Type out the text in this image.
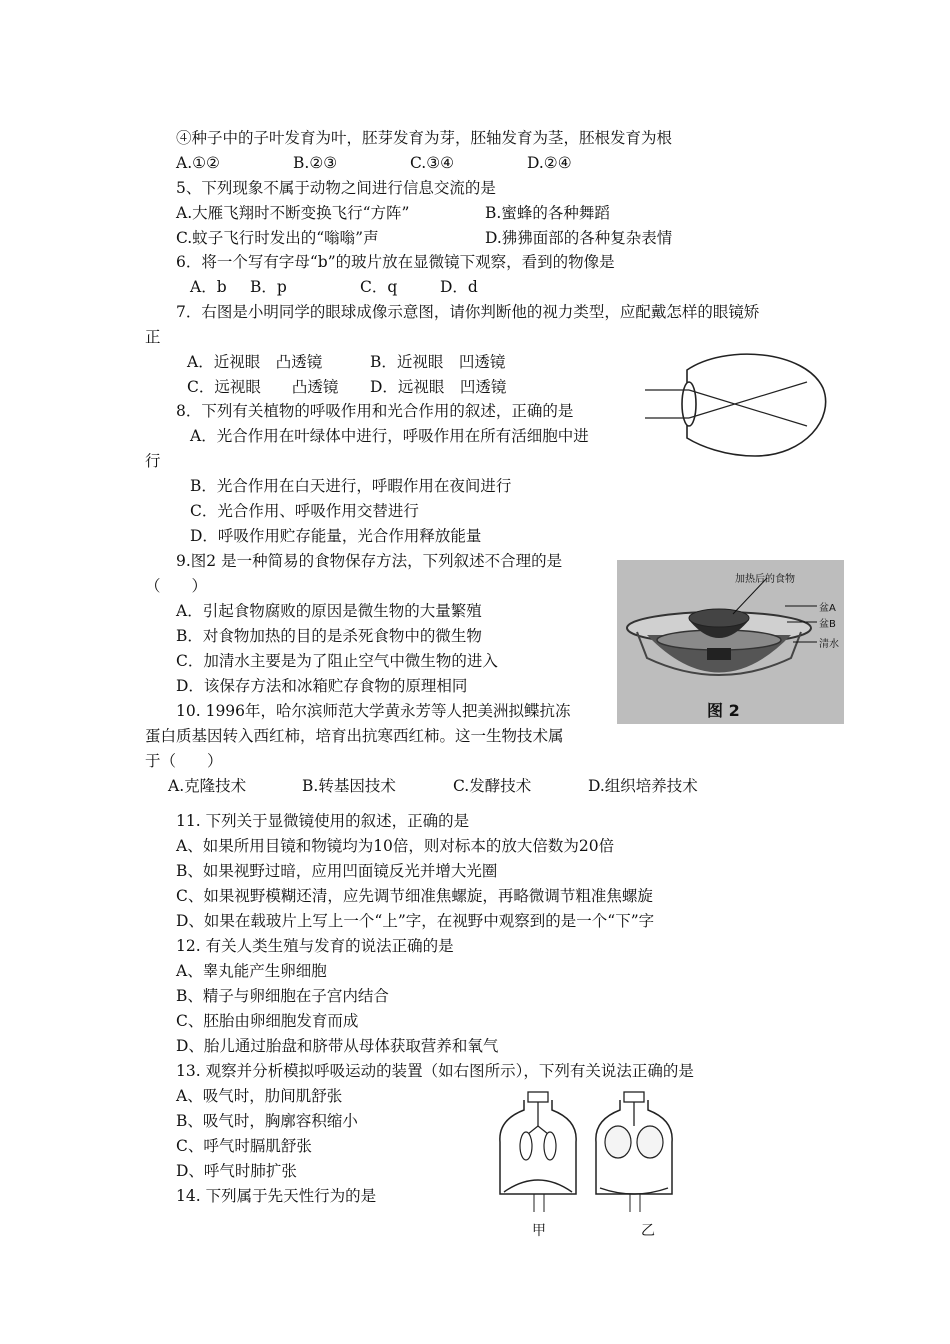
④种子中的子叶发育为叶，胚芽发育为芽，胚轴发育为茎，胚根发育为根
A.①②	B.②③	C.③④	D.②④
5、下列现象不属于动物之间进行信息交流的是
A.大雁飞翔时不断变换飞行“方阵”	B.蜜蜂的各种舞蹈
C.蚊子飞行时发出的“嗡嗡”声	D.狒狒面部的各种复杂表情
6．将一个写有字母“b”的玻片放在显微镜下观察，看到的物像是
A．b B．p	C．q	D．d
7．右图是小明同学的眼球成像示意图，请你判断他的视力类型，应配戴怎样的眼镜矫
正
A．近视眼　凸透镜	B．近视眼　凹透镜
C．远视眼　　凸透镜 D．远视眼　凹透镜
8．下列有关植物的呼吸作用和光合作用的叙述，正确的是
A．光合作用在叶绿体中进行，呼吸作用在所有活细胞中进
行
B．光合作用在白天进行，呼暇作用在夜间进行
C．光合作用、呼吸作用交替进行
D．呼吸作用贮存能量，光合作用释放能量
9.图2 是一种简易的食物保存方法，下列叙述不合理的是
（　　）
A．引起食物腐败的原因是微生物的大量繁殖
B．对食物加热的目的是杀死食物中的微生物
C．加清水主要是为了阻止空气中微生物的进入
D．该保存方法和冰箱贮存食物的原理相同
10. 1996年，哈尔滨师范大学黄永芳等人把美洲拟鲽抗冻
蛋白质基因转入西红柿，培育出抗寒西红柿。这一生物技术属
于（　　）
A.克隆技术	B.转基因技术	C.发酵技术	D.组织培养技术
11. 下列关于显微镜使用的叙述，正确的是
A、如果所用目镜和物镜均为10倍，则对标本的放大倍数为20倍
B、如果视野过暗，应用凹面镜反光并增大光圈
C、如果视野模糊还清，应先调节细准焦螺旋，再略微调节粗准焦螺旋
D、如果在载玻片上写上一个“上”字，在视野中观察到的是一个“下”字
12. 有关人类生殖与发育的说法正确的是
A、睾丸能产生卵细胞
B、精子与卵细胞在子宫内结合
C、胚胎由卵细胞发育而成
D、胎儿通过胎盘和脐带从母体获取营养和氧气
13. 观察并分析模拟呼吸运动的装置（如右图所示），下列有关说法正确的是
A、吸气时，肋间肌舒张
B、吸气时，胸廓容积缩小
C、呼气时膈肌舒张
D、呼气时肺扩张
14. 下列属于先天性行为的是
加热后的食物
盆A
盆B
清水
图 2
甲	乙
